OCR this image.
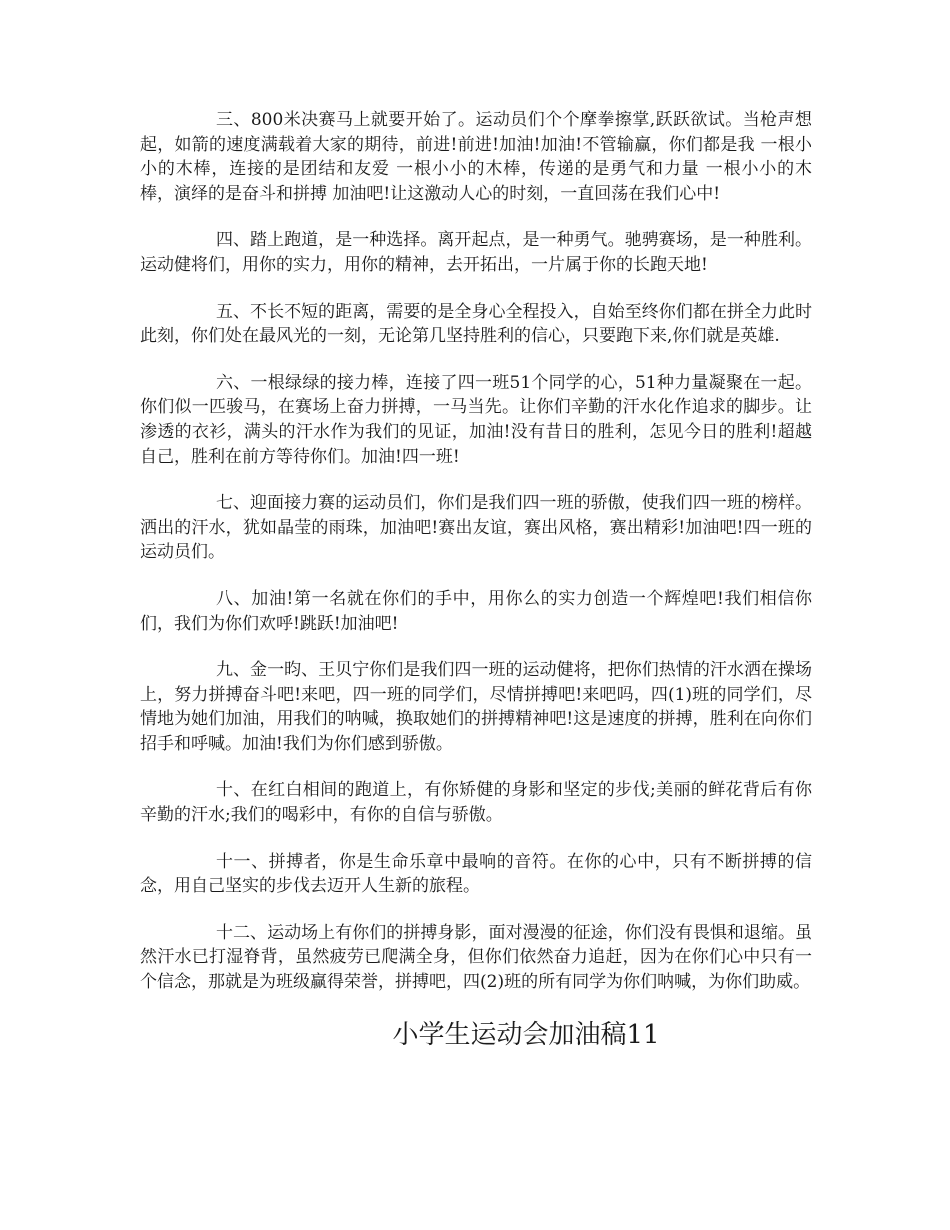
三、800米决赛马上就要开始了。运动员们个个摩拳擦掌,跃跃欲试。当枪声想起，如箭的速度满载着大家的期待，前进!前进!加油!加油!不管输赢，你们都是我 一根小小的木棒，连接的是团结和友爱 一根小小的木棒，传递的是勇气和力量 一根小小的木棒，演绎的是奋斗和拼搏 加油吧!让这激动人心的时刻，一直回荡在我们心中!

四、踏上跑道，是一种选择。离开起点，是一种勇气。驰骋赛场，是一种胜利。运动健将们，用你的实力，用你的精神，去开拓出，一片属于你的长跑天地!

五、不长不短的距离，需要的是全身心全程投入，自始至终你们都在拼全力此时此刻，你们处在最风光的一刻，无论第几坚持胜利的信心，只要跑下来,你们就是英雄.

六、一根绿绿的接力棒，连接了四一班51个同学的心，51种力量凝聚在一起。你们似一匹骏马，在赛场上奋力拼搏，一马当先。让你们辛勤的汗水化作追求的脚步。让渗透的衣衫，满头的汗水作为我们的见证，加油!没有昔日的胜利，怎见今日的胜利!超越自己，胜利在前方等待你们。加油!四一班!

七、迎面接力赛的运动员们，你们是我们四一班的骄傲，使我们四一班的榜样。洒出的汗水，犹如晶莹的雨珠，加油吧!赛出友谊，赛出风格，赛出精彩!加油吧!四一班的运动员们。

八、加油!第一名就在你们的手中，用你么的实力创造一个辉煌吧!我们相信你们，我们为你们欢呼!跳跃!加油吧!

九、金一昀、王贝宁你们是我们四一班的运动健将，把你们热情的汗水洒在操场上，努力拼搏奋斗吧!来吧，四一班的同学们，尽情拼搏吧!来吧吗，四(1)班的同学们，尽情地为她们加油，用我们的呐喊，换取她们的拼搏精神吧!这是速度的拼搏，胜利在向你们招手和呼喊。加油!我们为你们感到骄傲。

十、在红白相间的跑道上，有你矫健的身影和坚定的步伐;美丽的鲜花背后有你辛勤的汗水;我们的喝彩中，有你的自信与骄傲。

十一、拼搏者，你是生命乐章中最响的音符。在你的心中，只有不断拼搏的信念，用自己坚实的步伐去迈开人生新的旅程。

十二、运动场上有你们的拼搏身影，面对漫漫的征途，你们没有畏惧和退缩。虽然汗水已打湿脊背，虽然疲劳已爬满全身，但你们依然奋力追赶，因为在你们心中只有一个信念，那就是为班级赢得荣誉，拼搏吧，四(2)班的所有同学为你们呐喊，为你们助威。

小学生运动会加油稿11
